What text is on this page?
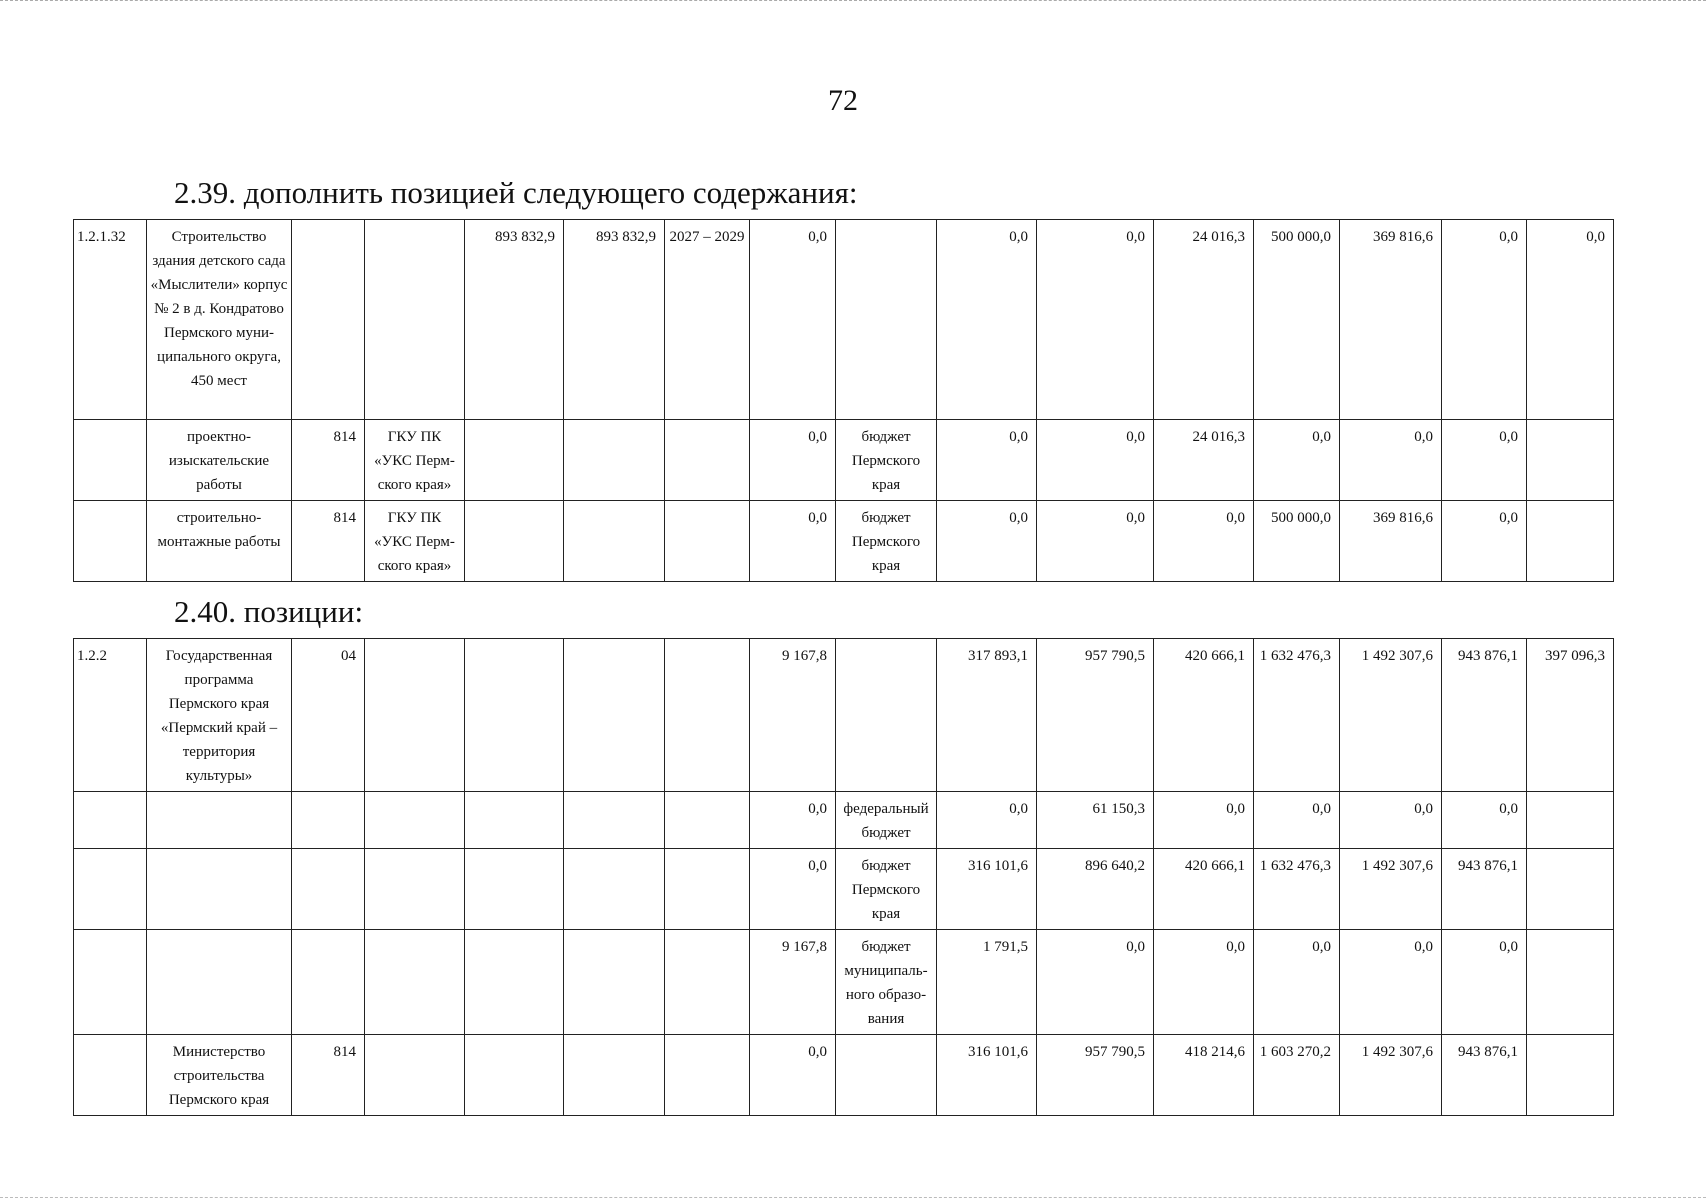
72
2.39. дополнить позицией следующего содержания:
1.2.1.32	Строительство здания детского сада «Мыслители» корпус № 2 в д. Кондратово Пермского муни-ципального округа, 450 мест			893 832,9	893 832,9	2027 – 2029	0,0		0,0	0,0	24 016,3	500 000,0	369 816,6	0,0	0,0
	проектно-изыскательские работы	814	ГКУ ПК «УКС Перм-ского края»				0,0	бюджет Пермского края	0,0	0,0	24 016,3	0,0	0,0	0,0	
	строительно-монтажные работы	814	ГКУ ПК «УКС Перм-ского края»				0,0	бюджет Пермского края	0,0	0,0	0,0	500 000,0	369 816,6	0,0	
2.40. позиции:
1.2.2	Государственная программа Пермского края «Пермский край – территория культуры»	04					9 167,8		317 893,1	957 790,5	420 666,1	1 632 476,3	1 492 307,6	943 876,1	397 096,3
							0,0	федеральный бюджет	0,0	61 150,3	0,0	0,0	0,0	0,0	
							0,0	бюджет Пермского края	316 101,6	896 640,2	420 666,1	1 632 476,3	1 492 307,6	943 876,1	
							9 167,8	бюджет муниципаль-ного образо-вания	1 791,5	0,0	0,0	0,0	0,0	0,0	
	Министерство строительства Пермского края	814					0,0		316 101,6	957 790,5	418 214,6	1 603 270,2	1 492 307,6	943 876,1	
